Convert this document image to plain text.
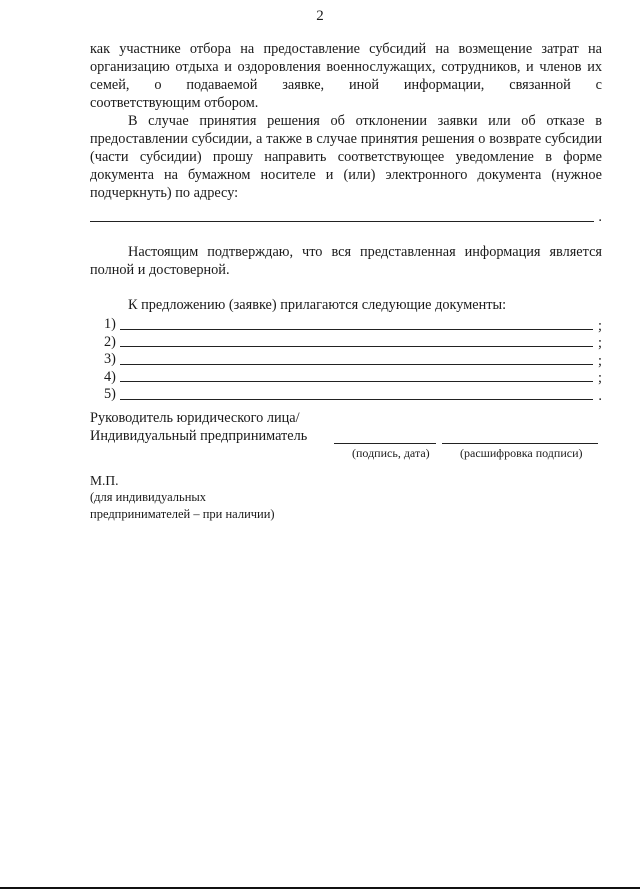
2

как участнике отбора на предоставление субсидий на возмещение затрат на организацию отдыха и оздоровления военнослужащих, сотрудников, и членов их семей, о подаваемой заявке, иной информации, связанной с
соответствующим отбором.

В случае принятия решения об отклонении заявки или об отказе в предоставлении субсидии, а также в случае принятия решения о возврате субсидии (части субсидии) прошу направить соответствующее уведомление в форме документа на бумажном носителе и (или) электронного документа (нужное подчеркнуть) по адресу:

.

Настоящим подтверждаю, что вся представленная информация является полной и достоверной.

К предложению (заявке) прилагаются следующие документы:

1)	;
2)	;
3)	;
4)	;
5)	.
Руководитель юридического лица/
Индивидуальный предприниматель
(подпись, дата)	(расшифровка подписи)
М.П.
(для индивидуальных
предпринимателей – при наличии)
